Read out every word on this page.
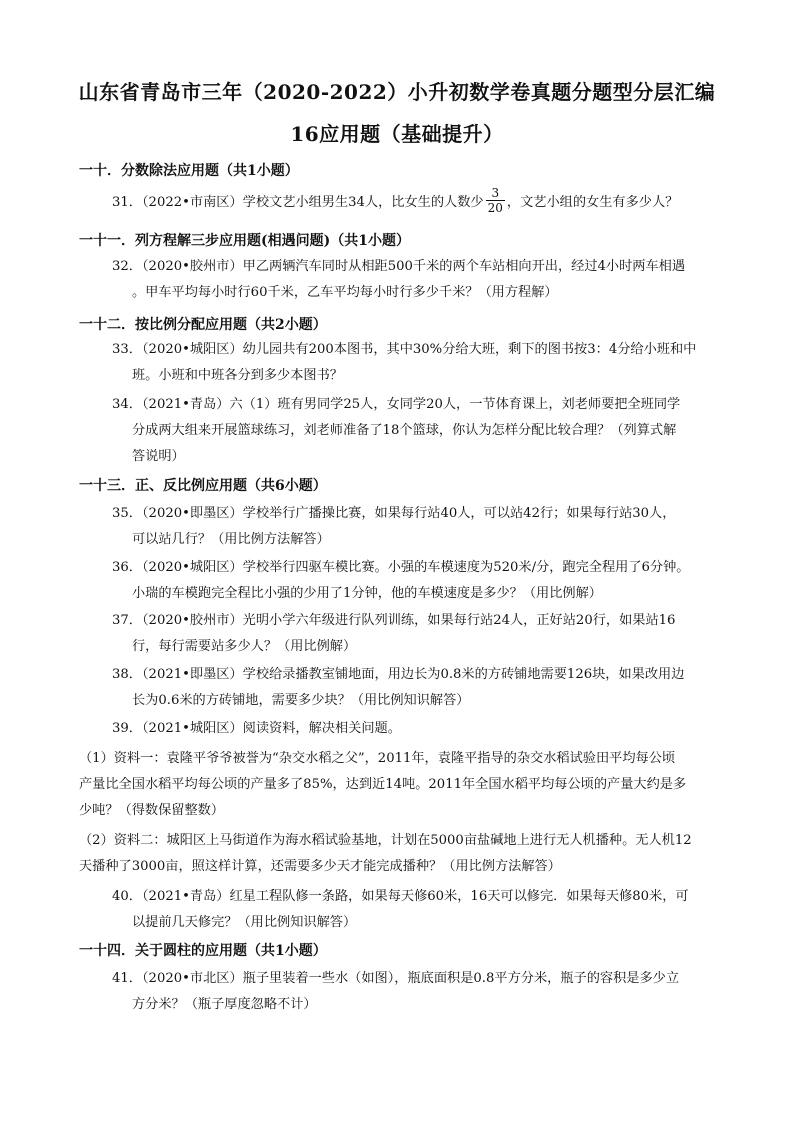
山东省青岛市三年（2020-2022）小升初数学卷真题分题型分层汇编
16应用题（基础提升）
一十．分数除法应用题（共1小题）
31．（2022•市南区）学校文艺小组男生34人，比女生的人数少 $\frac{3}{20}$ ，文艺小组的女生有多少人？
一十一．列方程解三步应用题(相遇问题)（共1小题）
32．（2020•胶州市）甲乙两辆汽车同时从相距500千米的两个车站相向开出，经过4小时两车相遇
。甲车平均每小时行60千米，乙车平均每小时行多少千米？（用方程解）
一十二．按比例分配应用题（共2小题）
33．（2020•城阳区）幼儿园共有200本图书，其中30%分给大班，剩下的图书按3：4分给小班和中
班。小班和中班各分到多少本图书？
34．（2021•青岛）六（1）班有男同学25人，女同学20人，一节体育课上，刘老师要把全班同学
分成两大组来开展篮球练习，刘老师准备了18个篮球，你认为怎样分配比较合理？（列算式解
答说明）
一十三．正、反比例应用题（共6小题）
35．（2020•即墨区）学校举行广播操比赛，如果每行站40人，可以站42行；如果每行站30人，
可以站几行？（用比例方法解答）
36．（2020•城阳区）学校举行四驱车模比赛。小强的车模速度为520米/分，跑完全程用了6分钟。
小瑞的车模跑完全程比小强的少用了1分钟，他的车模速度是多少？（用比例解）
37．（2020•胶州市）光明小学六年级进行队列训练，如果每行站24人，正好站20行，如果站16
行，每行需要站多少人？（用比例解）
38．（2021•即墨区）学校给录播教室铺地面，用边长为0.8米的方砖铺地需要126块，如果改用边
长为0.6米的方砖铺地，需要多少块？（用比例知识解答）
39．（2021•城阳区）阅读资料，解决相关问题。
（1）资料一：袁隆平爷爷被誉为“杂交水稻之父”，2011年，袁隆平指导的杂交水稻试验田平均每公顷
产量比全国水稻平均每公顷的产量多了85%，达到近14吨。2011年全国水稻平均每公顷的产量大约是多
少吨？（得数保留整数）
（2）资料二：城阳区上马街道作为海水稻试验基地，计划在5000亩盐碱地上进行无人机播种。无人机12
天播种了3000亩，照这样计算，还需要多少天才能完成播种？（用比例方法解答）
40．（2021•青岛）红星工程队修一条路，如果每天修60米，16天可以修完．如果每天修80米，可
以提前几天修完？（用比例知识解答）
一十四．关于圆柱的应用题（共1小题）
41．（2020•市北区）瓶子里装着一些水（如图），瓶底面积是0.8平方分米，瓶子的容积是多少立
方分米？（瓶子厚度忽略不计）
